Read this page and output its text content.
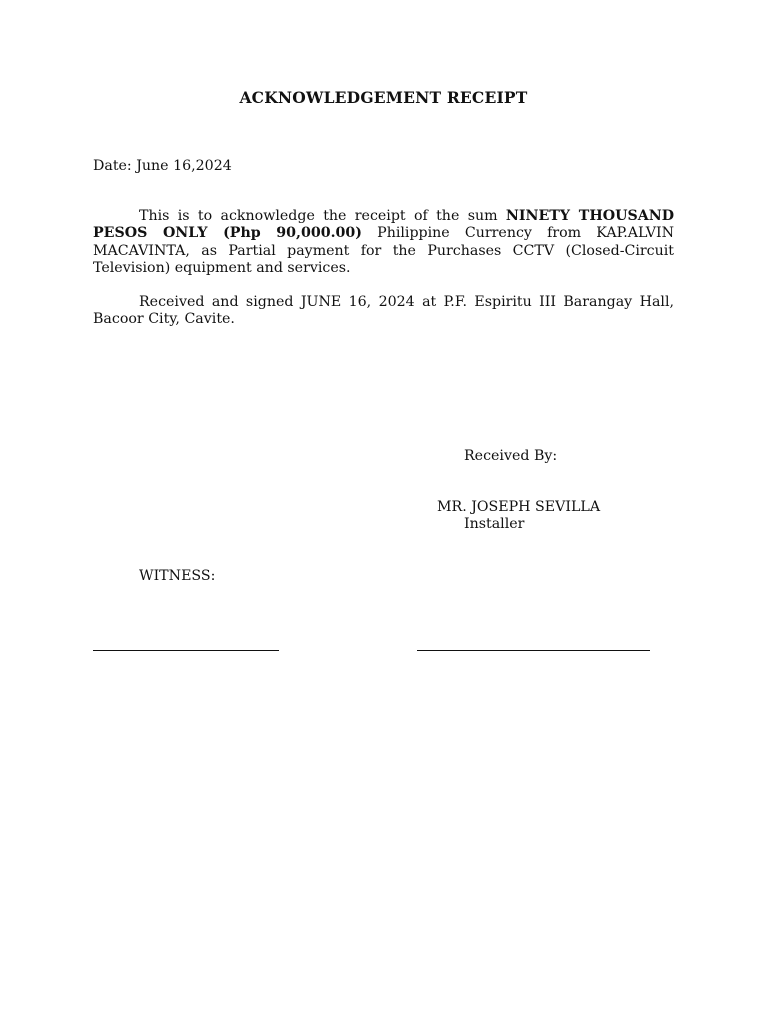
ACKNOWLEDGEMENT RECEIPT
Date: June 16,2024

This is to acknowledge the receipt of the sum NINETY THOUSAND PESOS ONLY (Php 90,000.00) Philippine Currency from KAP.ALVIN MACAVINTA, as Partial payment for the Purchases CCTV (Closed-Circuit Television) equipment and services.

Received and signed JUNE 16, 2024 at P.F. Espiritu III Barangay Hall, Bacoor City, Cavite.

Received By:
MR. JOSEPH SEVILLA
Installer
WITNESS:
